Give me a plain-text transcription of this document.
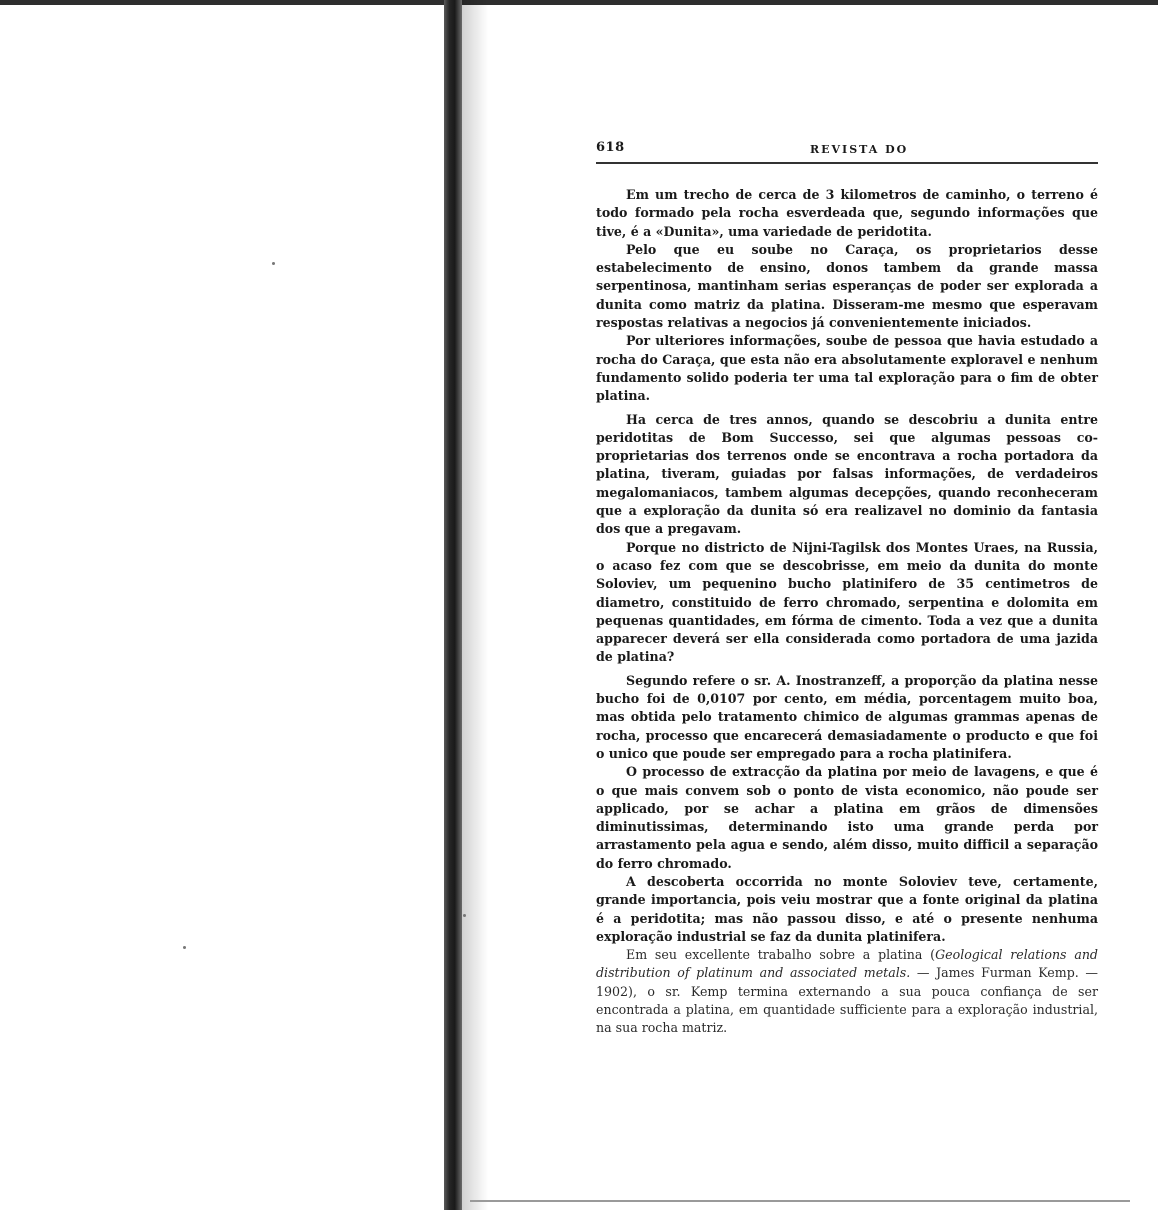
618	REVISTA DO

Em um trecho de cerca de 3 kilometros de caminho, o terreno é todo formado pela rocha esverdeada que, segundo informações que tive, é a «Dunita», uma variedade de peridotita.

Pelo que eu soube no Caraça, os proprietarios desse estabelecimento de ensino, donos tambem da grande massa serpentinosa, mantinham serias esperanças de poder ser explorada a dunita como matriz da platina. Disseram-me mesmo que esperavam respostas relativas a negocios já convenientemente iniciados.

Por ulteriores informações, soube de pessoa que havia estudado a rocha do Caraça, que esta não era absolutamente exploravel e nenhum fundamento solido poderia ter uma tal exploração para o fim de obter platina.

Ha cerca de tres annos, quando se descobriu a dunita entre peridotitas de Bom Successo, sei que algumas pessoas co-proprietarias dos terrenos onde se encontrava a rocha portadora da platina, tiveram, guiadas por falsas informações, de verdadeiros megalomaniacos, tambem algumas decepções, quando reconheceram que a exploração da dunita só era realizavel no dominio da fantasia dos que a pregavam.

Porque no districto de Nijni-Tagilsk dos Montes Uraes, na Russia, o acaso fez com que se descobrisse, em meio da dunita do monte Soloviev, um pequenino bucho platinifero de 35 centimetros de diametro, constituido de ferro chromado, serpentina e dolomita em pequenas quantidades, em fórma de cimento. Toda a vez que a dunita apparecer deverá ser ella considerada como portadora de uma jazida de platina?

Segundo refere o sr. A. Inostranzeff, a proporção da platina nesse bucho foi de 0,0107 por cento, em média, porcentagem muito boa, mas obtida pelo tratamento chimico de algumas grammas apenas de rocha, processo que encarecerá demasiadamente o producto e que foi o unico que poude ser empregado para a rocha platinifera.

O processo de extracção da platina por meio de lavagens, e que é o que mais convem sob o ponto de vista economico, não poude ser applicado, por se achar a platina em grãos de dimensões diminutissimas, determinando isto uma grande perda por arrastamento pela agua e sendo, além disso, muito difficil a separação do ferro chromado.

A descoberta occorrida no monte Soloviev teve, certamente, grande importancia, pois veiu mostrar que a fonte original da platina é a peridotita; mas não passou disso, e até o presente nenhuma exploração industrial se faz da dunita platinifera.

Em seu excellente trabalho sobre a platina (Geological relations and distribution of platinum and associated metals. — James Furman Kemp. — 1902), o sr. Kemp termina externando a sua pouca confiança de ser encontrada a platina, em quantidade sufficiente para a exploração industrial, na sua rocha matriz.
